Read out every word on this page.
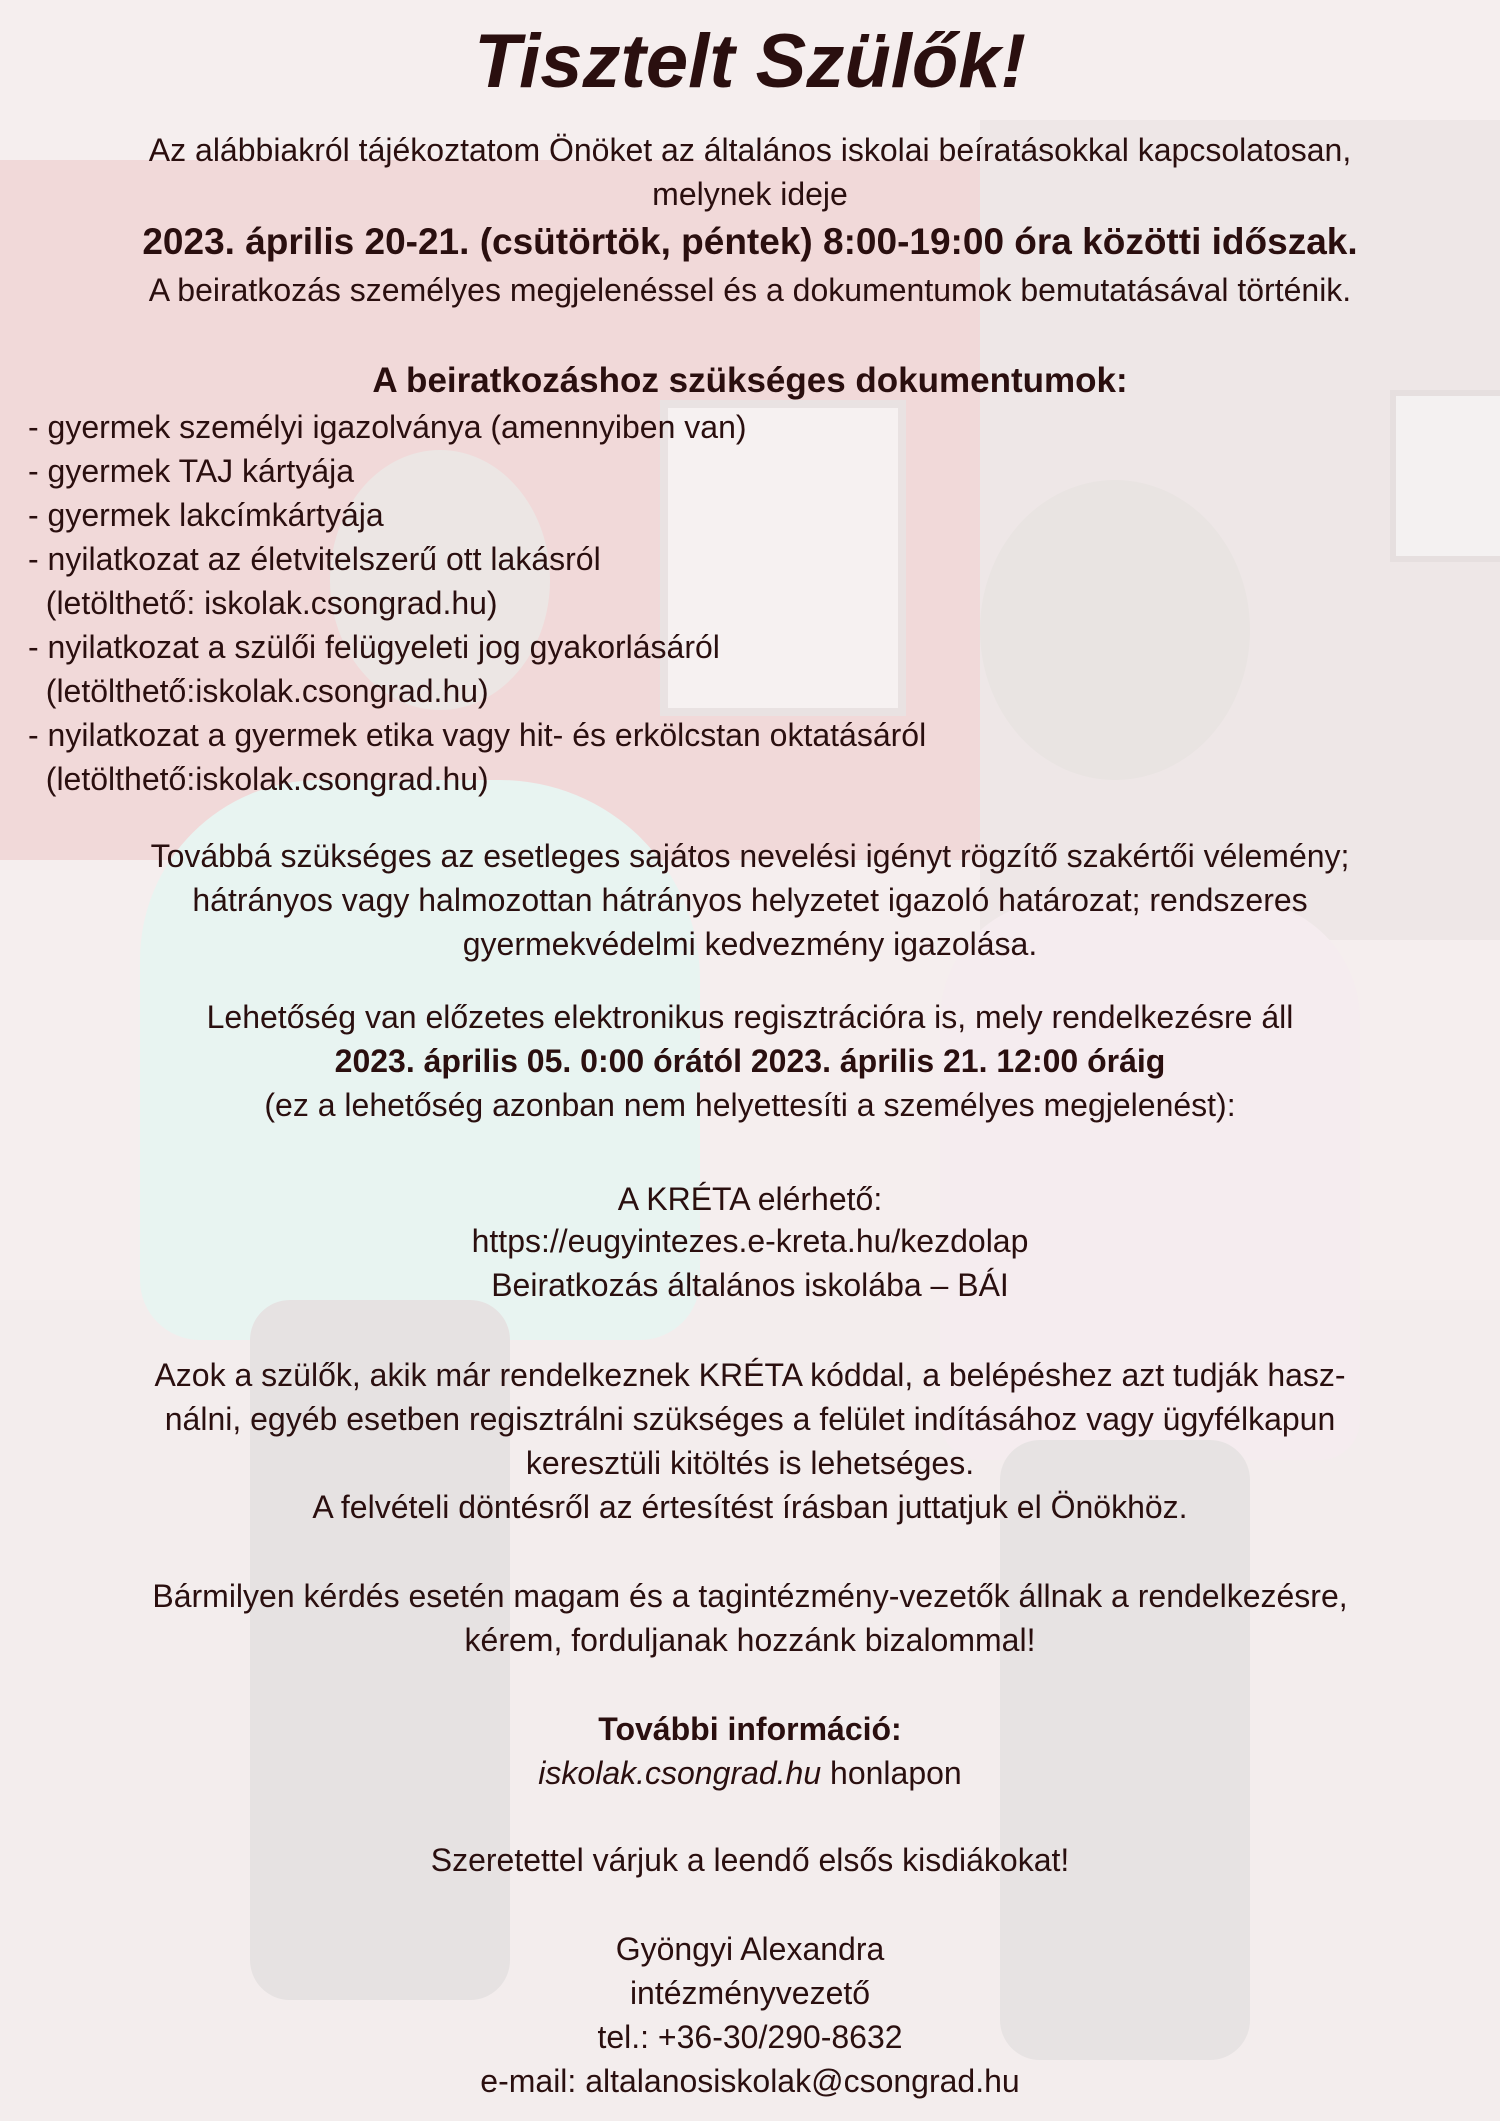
Tisztelt Szülők!
Az alábbiakról tájékoztatom Önöket az általános iskolai beíratásokkal kapcsolatosan,
melynek ideje
2023. április 20-21. (csütörtök, péntek) 8:00-19:00 óra közötti időszak.
A beiratkozás személyes megjelenéssel és a dokumentumok bemutatásával történik.
A beiratkozáshoz szükséges dokumentumok:
- gyermek személyi igazolványa (amennyiben van)
- gyermek TAJ kártyája
- gyermek lakcímkártyája
- nyilatkozat az életvitelszerű ott lakásról
(letölthető: iskolak.csongrad.hu)
- nyilatkozat a szülői felügyeleti jog gyakorlásáról
(letölthető:iskolak.csongrad.hu)
- nyilatkozat a gyermek etika vagy hit- és erkölcstan oktatásáról
(letölthető:iskolak.csongrad.hu)
Továbbá szükséges az esetleges sajátos nevelési igényt rögzítő szakértői vélemény;
hátrányos vagy halmozottan hátrányos helyzetet igazoló határozat; rendszeres
gyermekvédelmi kedvezmény igazolása.
Lehetőség van előzetes elektronikus regisztrációra is, mely rendelkezésre áll
2023. április 05. 0:00 órától 2023. április 21. 12:00 óráig
(ez a lehetőség azonban nem helyettesíti a személyes megjelenést):
A KRÉTA elérhető:
https://eugyintezes.e-kreta.hu/kezdolap
Beiratkozás általános iskolába – BÁI
Azok a szülők, akik már rendelkeznek KRÉTA kóddal, a belépéshez azt tudják hasz-
nálni, egyéb esetben regisztrálni szükséges a felület indításához vagy ügyfélkapun
keresztüli kitöltés is lehetséges.
A felvételi döntésről az értesítést írásban juttatjuk el Önökhöz.
Bármilyen kérdés esetén magam és a tagintézmény-vezetők állnak a rendelkezésre,
kérem, forduljanak hozzánk bizalommal!
További információ:
iskolak.csongrad.hu honlapon
Szeretettel várjuk a leendő elsős kisdiákokat!
Gyöngyi Alexandra
intézményvezető
tel.: +36-30/290-8632
e-mail: altalanosiskolak@csongrad.hu
